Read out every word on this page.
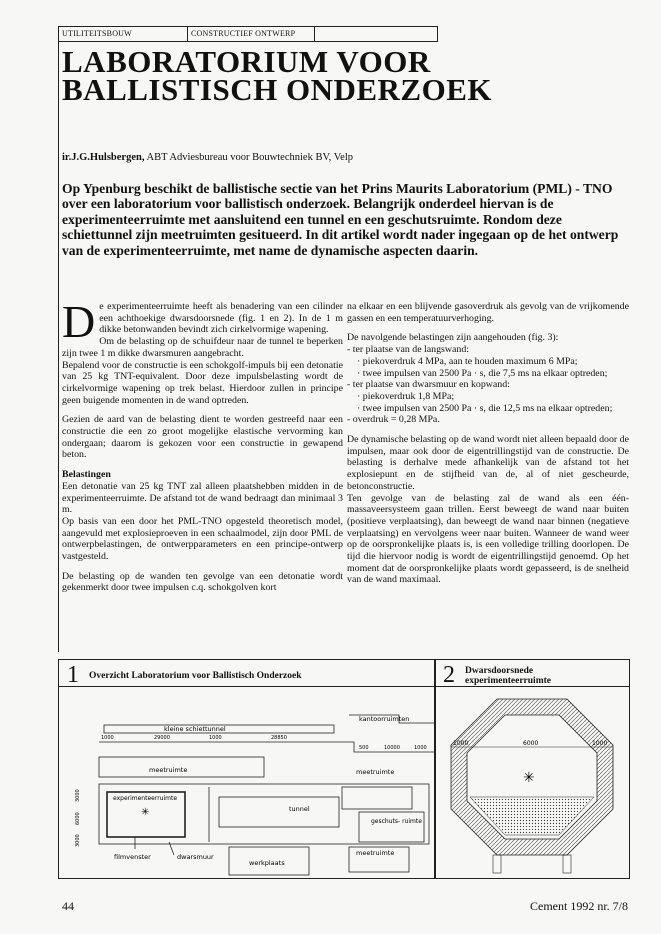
UTILITEITSBOUW	CONSTRUCTIEF ONTWERP
LABORATORIUM VOOR
BALLISTISCH ONDERZOEK
ir.J.G.Hulsbergen, ABT Adviesbureau voor Bouwtechniek BV, Velp
Op Ypenburg beschikt de ballistische sectie van het Prins Maurits Laboratorium (PML) - TNO over een laboratorium voor ballistisch onderzoek. Belangrijk onderdeel hiervan is de experimenteerruimte met aansluitend een tunnel en een geschutsruimte. Rondom deze schiettunnel zijn meetruimten gesitueerd. In dit artikel wordt nader ingegaan op de het ontwerp van de experimenteerruimte, met name de dynamische aspecten daarin.

De experimenteerruimte heeft als benadering van een cilinder een achthoekige dwarsdoorsnede (fig. 1 en 2). In de 1 m dikke betonwanden bevindt zich cirkelvormige wapening.
Om de belasting op de schuifdeur naar de tunnel te beperken zijn twee 1 m dikke dwarsmuren aangebracht.
Bepalend voor de constructie is een schokgolf-impuls bij een detonatie van 25 kg TNT-equivalent. Door deze impulsbelasting wordt de cirkelvormige wapening op trek belast. Hierdoor zullen in principe geen buigende momenten in de wand optreden.

Gezien de aard van de belasting dient te worden gestreefd naar een constructie die een zo groot mogelijke elastische vervorming kan ondergaan; daarom is gekozen voor een constructie in gewapend beton.

Belastingen

Een detonatie van 25 kg TNT zal alleen plaatshebben midden in de experimenteerruimte. De afstand tot de wand bedraagt dan minimaal 3 m.
Op basis van een door het PML-TNO opgesteld theoretisch model, aangevuld met explosieproeven in een schaalmodel, zijn door PML de ontwerpbelastingen, de ontwerpparameters en een principe-ontwerp vastgesteld.

De belasting op de wanden ten gevolge van een detonatie wordt gekenmerkt door twee impulsen c.q. schokgolven kort

na elkaar en een blijvende gasoverdruk als gevolg van de vrijkomende gassen en een temperatuurverhoging.

De navolgende belastingen zijn aangehouden (fig. 3):
- ter plaatse van de langswand:
· piekoverdruk 4 MPa, aan te houden maximum 6 MPa;
· twee impulsen van 2500 Pa · s, die 7,5 ms na elkaar optreden;
- ter plaatse van dwarsmuur en kopwand:
· piekoverdruk 1,8 MPa;
· twee impulsen van 2500 Pa · s, die 12,5 ms na elkaar optreden;
- overdruk = 0,28 MPa.

De dynamische belasting op de wand wordt niet alleen bepaald door de impulsen, maar ook door de eigentrillingstijd van de constructie. De belasting is derhalve mede afhankelijk van de afstand tot het explosiepunt en de stijfheid van de, al of niet gescheurde, betonconstructie.
Ten gevolge van de belasting zal de wand als een één-massaveersysteem gaan trillen. Eerst beweegt de wand naar buiten (positieve verplaatsing), dan beweegt de wand naar binnen (negatieve verplaatsing) en vervolgens weer naar buiten. Wanneer de wand weer op de oorspronkelijke plaats is, is een volledige trilling doorlopen. De tijd die hiervoor nodig is wordt de eigentrillingstijd genoemd. Op het moment dat de oorspronkelijke plaats wordt gepasseerd, is de snelheid van de wand maximaal.

1 Overzicht Laboratorium voor Ballistisch Onderzoek
kleine schiettunnel
kantoorruimten
meetruimte	meetruimte
experimenteerruimte
✳	tunnel
geschuts- ruimte
filmvenster	dwarsmuur
werkplaats
meetruimte
1000	29000	1000	28850
500	10000	1000
3000
6000
3000
2 Dwarsdoorsnede
experimenteerruimte
✳
1000	6000	1000
44	Cement 1992 nr. 7/8
